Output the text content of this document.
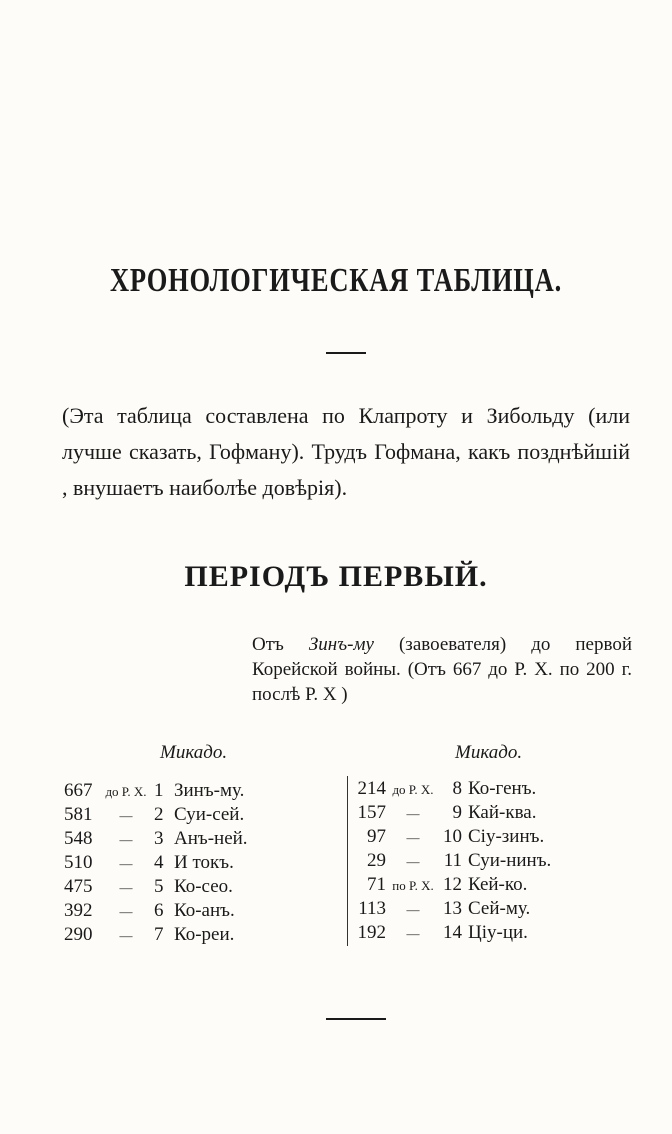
ХРОНОЛОГИЧЕСКАЯ ТАБЛИЦА.
(Эта таблица составлена по Клапроту и Зибольду (или лучше сказать, Гофману). Трудъ Гофмана, какъ позднѣйшій , внушаетъ наиболѣе довѣрія).
ПЕРІОДЪ ПЕРВЫЙ.
Отъ Зинъ-му (завоевателя) до первой Корейской войны. (Отъ 667 до Р. Х. по 200 г. послѣ Р. Х )
Микадо.	Микадо.
667 до Р. Х. 1 Зинъ-му.
581	—	2 Суи-сей.
548	—	3 Анъ-ней.
510	—	4 И токъ.
475	—	5 Ко-сео.
392	—	6 Ко-анъ.
290	—	7 Ко-реи.
214 до Р. Х. 8 Ко-генъ.
157	—	9 Кай-ква.
97	—	10 Сіу-зинъ.
29	—	11 Суи-нинъ.
71 по Р. Х. 12 Кей-ко.
113	—	13 Сей-му.
192	—	14 Ціу-ци.
